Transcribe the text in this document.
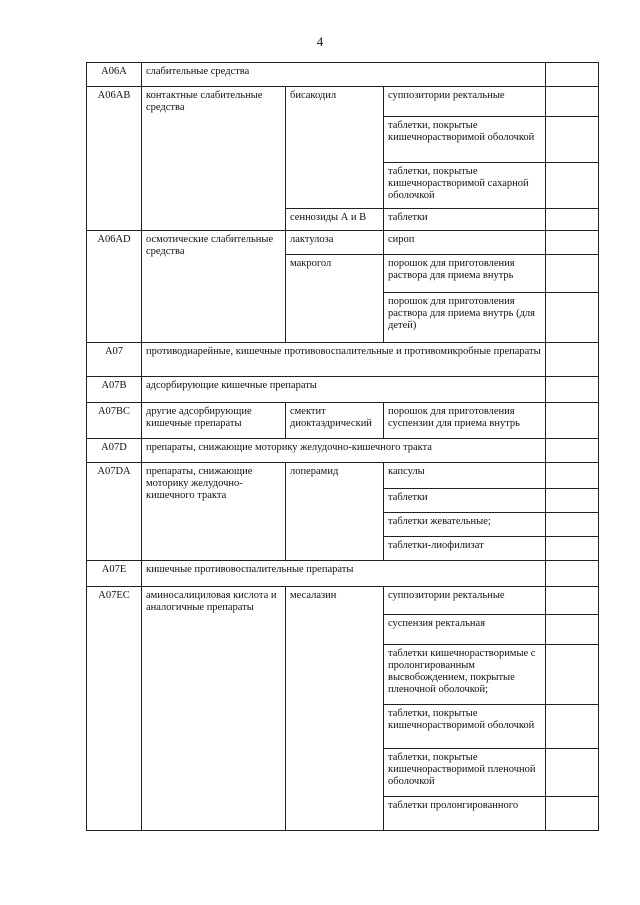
4
A06A	слабительные средства			
A06AB	контактные слабительные средства	бисакодил	суппозитории ректальные	
			таблетки, покрытые кишечнорастворимой оболочкой	
			таблетки, покрытые кишечнорастворимой сахарной оболочкой	
		сеннозиды А и В	таблетки	
A06AD	осмотические слабительные средства	лактулоза	сироп	
		макрогол	порошок для приготовления раствора для приема внутрь	
			порошок для приготовления раствора для приема внутрь (для детей)	
A07	противодиарейные, кишечные противовоспалительные и противомикробные препараты			
A07B	адсорбирующие кишечные препараты			
A07BC	другие адсорбирующие кишечные препараты	смектит диоктаэдрический	порошок для приготовления суспензии для приема внутрь	
A07D	препараты, снижающие моторику желудочно-кишечного тракта			
A07DA	препараты, снижающие моторику желудочно-кишечного тракта	лоперамид	капсулы	
			таблетки	
			таблетки жевательные;	
			таблетки-лиофилизат	
A07E	кишечные противовоспалительные препараты			
A07EC	аминосалициловая кислота и аналогичные препараты	месалазин	суппозитории ректальные	
			суспензия ректальная	
			таблетки кишечнорастворимые с пролонгированным высвобождением, покрытые пленочной оболочкой;	
			таблетки, покрытые кишечнорастворимой оболочкой	
			таблетки, покрытые кишечнорастворимой пленочной оболочкой	
			таблетки пролонгированного	
